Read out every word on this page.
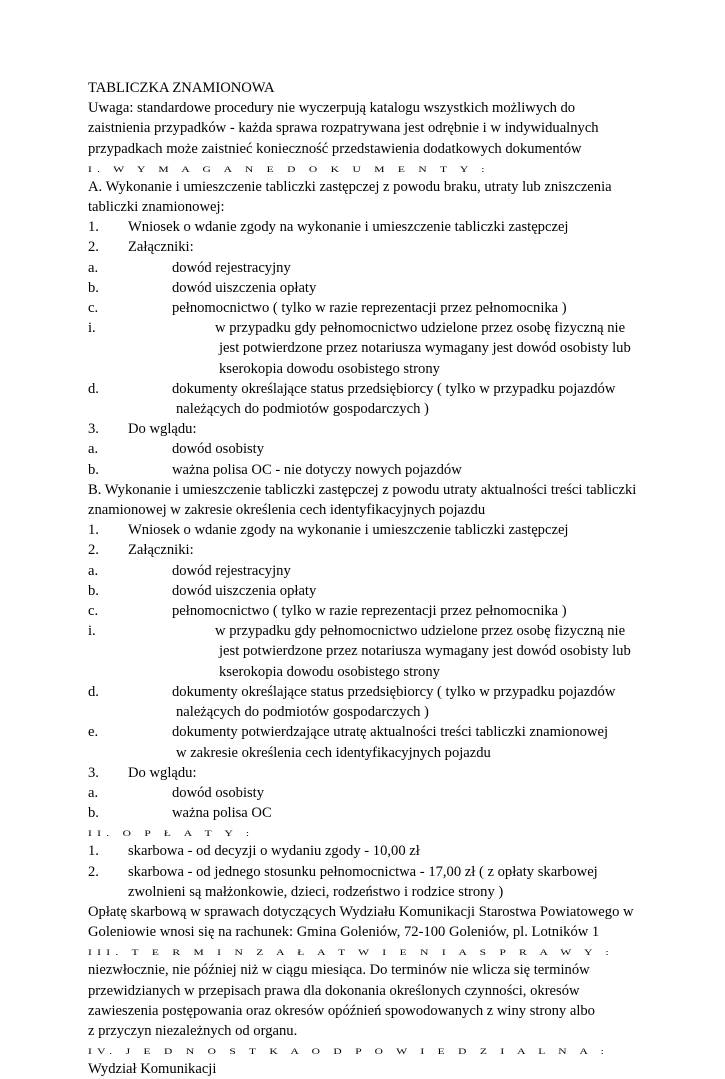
TABLICZKA ZNAMIONOWA
Uwaga: standardowe procedury nie wyczerpują katalogu wszystkich możliwych do
zaistnienia przypadków - każda sprawa rozpatrywana jest odrębnie i w indywidualnych
przypadkach może zaistnieć konieczność przedstawienia dodatkowych dokumentów
I. W Y M A G A N E D O K U M E N T Y :
A. Wykonanie i umieszczenie tabliczki zastępczej z powodu braku, utraty lub zniszczenia
tabliczki znamionowej:
1.	Wniosek o wdanie zgody na wykonanie i umieszczenie tabliczki zastępczej
2.	Załączniki:
a.	dowód rejestracyjny
b.	dowód uiszczenia opłaty
c.	pełnomocnictwo ( tylko w razie reprezentacji przez pełnomocnika )
i.	w przypadku gdy pełnomocnictwo udzielone przez osobę fizyczną nie
jest potwierdzone przez notariusza wymagany jest dowód osobisty lub
kserokopia dowodu osobistego strony
d.	dokumenty określające status przedsiębiorcy ( tylko w przypadku pojazdów
należących do podmiotów gospodarczych )
3.	Do wglądu:
a.	dowód osobisty
b.	ważna polisa OC - nie dotyczy nowych pojazdów
B. Wykonanie i umieszczenie tabliczki zastępczej z powodu utraty aktualności treści tabliczki
znamionowej w zakresie określenia cech identyfikacyjnych pojazdu
1.	Wniosek o wdanie zgody na wykonanie i umieszczenie tabliczki zastępczej
2.	Załączniki:
a.	dowód rejestracyjny
b.	dowód uiszczenia opłaty
c.	pełnomocnictwo ( tylko w razie reprezentacji przez pełnomocnika )
i.	w przypadku gdy pełnomocnictwo udzielone przez osobę fizyczną nie
jest potwierdzone przez notariusza wymagany jest dowód osobisty lub
kserokopia dowodu osobistego strony
d.	dokumenty określające status przedsiębiorcy ( tylko w przypadku pojazdów
należących do podmiotów gospodarczych )
e.	dokumenty potwierdzające utratę aktualności treści tabliczki znamionowej
w zakresie określenia cech identyfikacyjnych pojazdu
3.	Do wglądu:
a.	dowód osobisty
b.	ważna polisa OC
II. O P Ł A T Y :
1.	skarbowa - od decyzji o wydaniu zgody - 10,00 zł
2. skarbowa - od jednego stosunku pełnomocnictwa - 17,00 zł ( z opłaty skarbowej
zwolnieni są małżonkowie, dzieci, rodzeństwo i rodzice strony )
Opłatę skarbową w sprawach dotyczących Wydziału Komunikacji Starostwa Powiatowego w
Goleniowie wnosi się na rachunek: Gmina Goleniów, 72-100 Goleniów, pl. Lotników 1
III. T E R M I N Z A Ł A T W I E N I A S P R A W Y :
niezwłocznie, nie później niż w ciągu miesiąca. Do terminów nie wlicza się terminów
przewidzianych w przepisach prawa dla dokonania określonych czynności, okresów
zawieszenia postępowania oraz okresów opóźnień spowodowanych z winy strony albo
z przyczyn niezależnych od organu.
IV. J E D N O S T K A O D P O W I E D Z I A L N A :
Wydział Komunikacji
